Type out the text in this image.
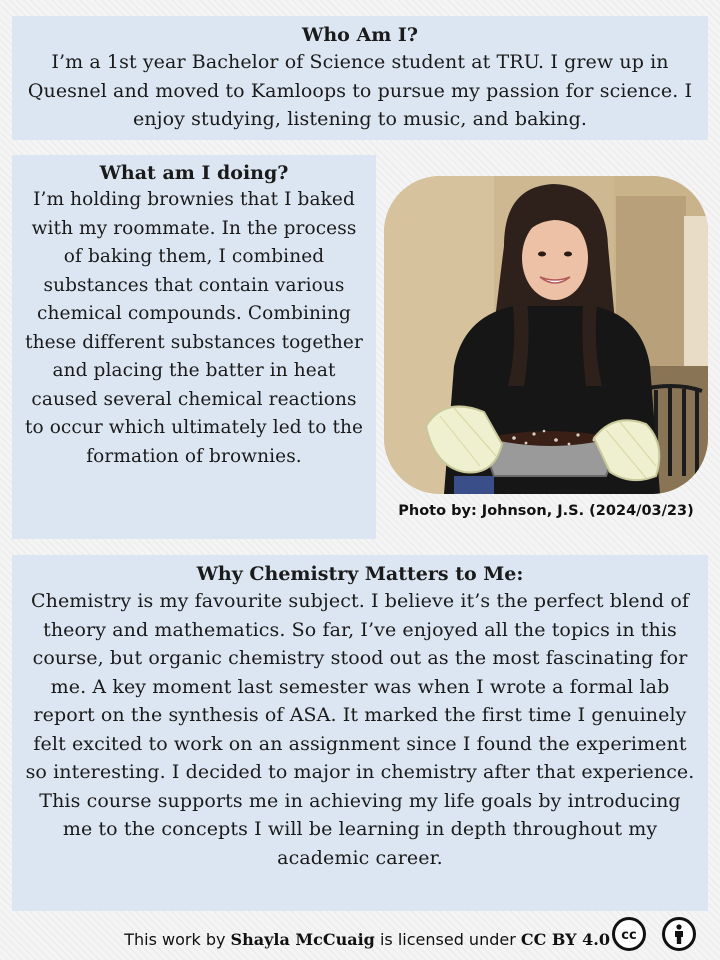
Who Am I?

I’m a 1st year Bachelor of Science student at TRU. I grew up in Quesnel and moved to Kamloops to pursue my passion for science. I enjoy studying, listening to music, and baking.

What am I doing?

I’m holding brownies that I baked with my roommate. In the process of baking them, I combined substances that contain various chemical compounds. Combining these different substances together and placing the batter in heat caused several chemical reactions to occur which ultimately led to the formation of brownies.

Photo by: Johnson, J.S. (2024/03/23)
Why Chemistry Matters to Me:

Chemistry is my favourite subject. I believe it’s the perfect blend of theory and mathematics. So far, I’ve enjoyed all the topics in this course, but organic chemistry stood out as the most fascinating for me. A key moment last semester was when I wrote a formal lab report on the synthesis of ASA. It marked the first time I genuinely felt excited to work on an assignment since I found the experiment so interesting. I decided to major in chemistry after that experience. This course supports me in achieving my life goals by introducing me to the concepts I will be learning in depth throughout my academic career.

This work by Shayla McCuaig is licensed under CC BY 4.0 cc
